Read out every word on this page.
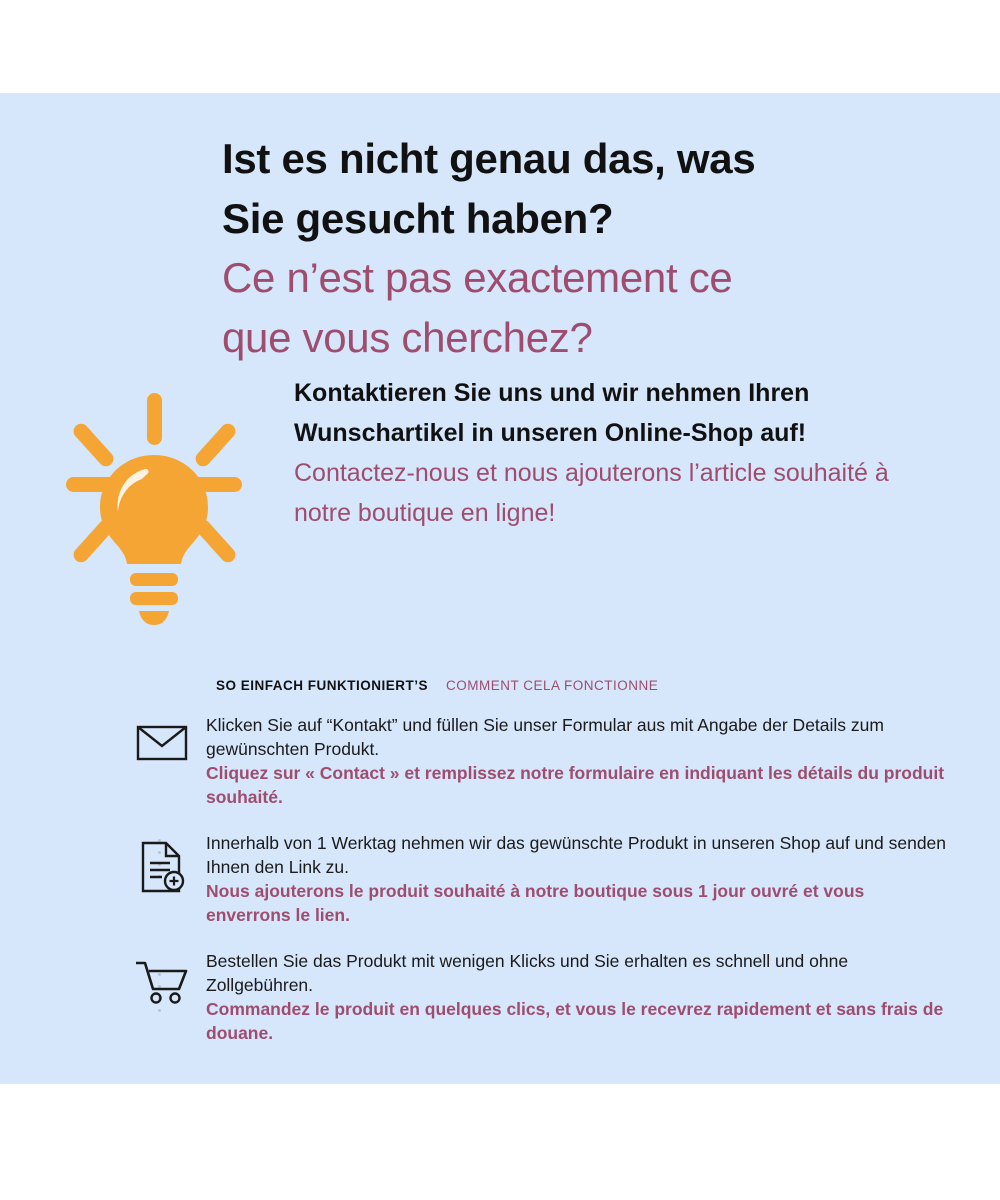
Ist es nicht genau das, was

Sie gesucht haben?

Ce n’est pas exactement ce

que vous cherchez?

Kontaktieren Sie uns und wir nehmen Ihren Wunschartikel in unseren Online-Shop auf!

Contactez-nous et nous ajouterons l’article souhaité à notre boutique en ligne!

SO EINFACH FUNKTIONIERT’S COMMENT CELA FONCTIONNE

Klicken Sie auf “Kontakt” und füllen Sie unser Formular aus mit Angabe der Details zum gewünschten Produkt.

Cliquez sur « Contact » et remplissez notre formulaire en indiquant les détails du produit souhaité.

Innerhalb von 1 Werktag nehmen wir das gewünschte Produkt in unseren Shop auf und senden Ihnen den Link zu.

Nous ajouterons le produit souhaité à notre boutique sous 1 jour ouvré et vous enverrons le lien.

Bestellen Sie das Produkt mit wenigen Klicks und Sie erhalten es schnell und ohne Zollgebühren.

Commandez le produit en quelques clics, et vous le recevrez rapidement et sans frais de douane.
